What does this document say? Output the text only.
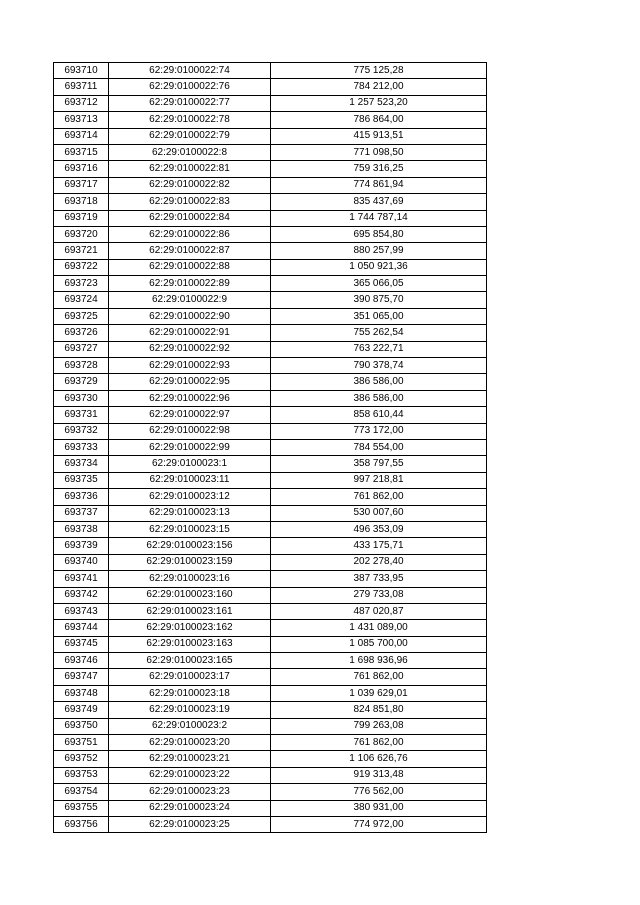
693710	62:29:0100022:74	775 125,28
693711	62:29:0100022:76	784 212,00
693712	62:29:0100022:77	1 257 523,20
693713	62:29:0100022:78	786 864,00
693714	62:29:0100022:79	415 913,51
693715	62:29:0100022:8	771 098,50
693716	62:29:0100022:81	759 316,25
693717	62:29:0100022:82	774 861,94
693718	62:29:0100022:83	835 437,69
693719	62:29:0100022:84	1 744 787,14
693720	62:29:0100022:86	695 854,80
693721	62:29:0100022:87	880 257,99
693722	62:29:0100022:88	1 050 921,36
693723	62:29:0100022:89	365 066,05
693724	62:29:0100022:9	390 875,70
693725	62:29:0100022:90	351 065,00
693726	62:29:0100022:91	755 262,54
693727	62:29:0100022:92	763 222,71
693728	62:29:0100022:93	790 378,74
693729	62:29:0100022:95	386 586,00
693730	62:29:0100022:96	386 586,00
693731	62:29:0100022:97	858 610,44
693732	62:29:0100022:98	773 172,00
693733	62:29:0100022:99	784 554,00
693734	62:29:0100023:1	358 797,55
693735	62:29:0100023:11	997 218,81
693736	62:29:0100023:12	761 862,00
693737	62:29:0100023:13	530 007,60
693738	62:29:0100023:15	496 353,09
693739	62:29:0100023:156	433 175,71
693740	62:29:0100023:159	202 278,40
693741	62:29:0100023:16	387 733,95
693742	62:29:0100023:160	279 733,08
693743	62:29:0100023:161	487 020,87
693744	62:29:0100023:162	1 431 089,00
693745	62:29:0100023:163	1 085 700,00
693746	62:29:0100023:165	1 698 936,96
693747	62:29:0100023:17	761 862,00
693748	62:29:0100023:18	1 039 629,01
693749	62:29:0100023:19	824 851,80
693750	62:29:0100023:2	799 263,08
693751	62:29:0100023:20	761 862,00
693752	62:29:0100023:21	1 106 626,76
693753	62:29:0100023:22	919 313,48
693754	62:29:0100023:23	776 562,00
693755	62:29:0100023:24	380 931,00
693756	62:29:0100023:25	774 972,00
